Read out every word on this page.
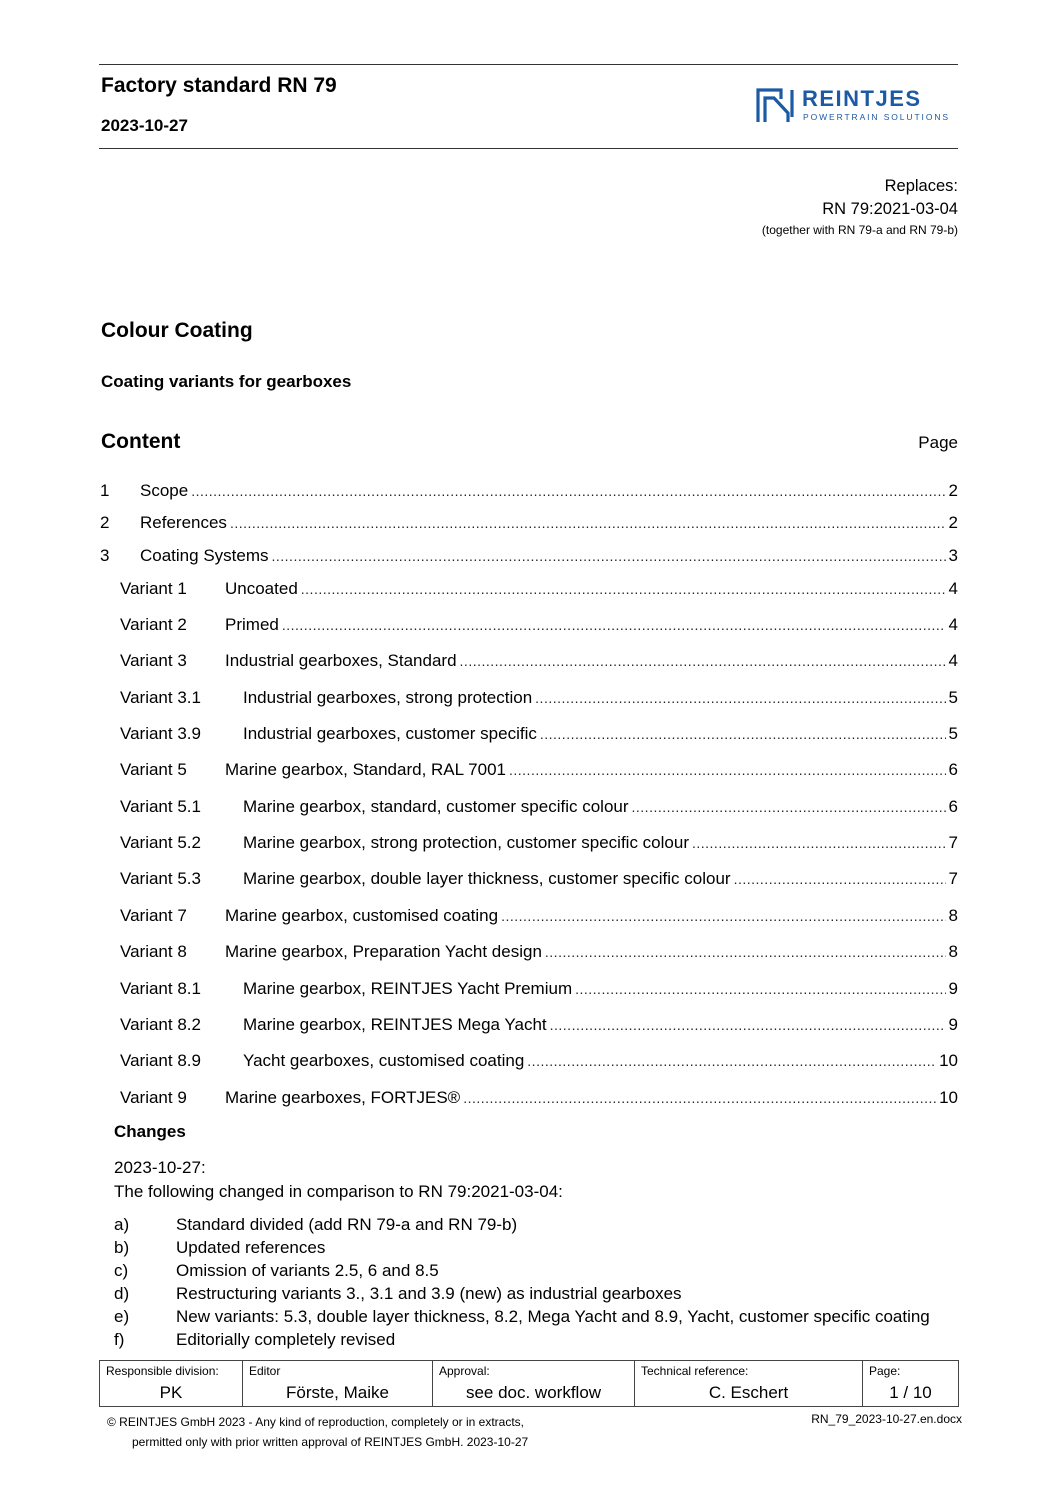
Factory standard RN 79
2023-10-27
REINTJES
POWERTRAIN SOLUTIONS
Replaces:
RN 79:2021-03-04
(together with RN 79-a and RN 79-b)
Colour Coating
Coating variants for gearboxes
Content	Page
1	Scope .....	2
2	References .....	2
3	Coating Systems .....	3
Variant 1	Uncoated .....	4
Variant 2	Primed .....	4
Variant 3	Industrial gearboxes, Standard .....	4
Variant 3.1	Industrial gearboxes, strong protection .....	5
Variant 3.9	Industrial gearboxes, customer specific .....	5
Variant 5	Marine gearbox, Standard, RAL 7001 .....	6
Variant 5.1	Marine gearbox, standard, customer specific colour .....	6
Variant 5.2	Marine gearbox, strong protection, customer specific colour .....	7
Variant 5.3	Marine gearbox, double layer thickness, customer specific colour .....	7
Variant 7	Marine gearbox, customised coating .....	8
Variant 8	Marine gearbox, Preparation Yacht design .....	8
Variant 8.1	Marine gearbox, REINTJES Yacht Premium .....	9
Variant 8.2	Marine gearbox, REINTJES Mega Yacht .....	9
Variant 8.9	Yacht gearboxes, customised coating .....	10
Variant 9	Marine gearboxes, FORTJES® .....	10
Changes
2023-10-27:
The following changed in comparison to RN 79:2021-03-04:
a)	Standard divided (add RN 79-a and RN 79-b)
b)	Updated references
c)	Omission of variants 2.5, 6 and 8.5
d)	Restructuring variants 3., 3.1 and 3.9 (new) as industrial gearboxes
e)	New variants: 5.3, double layer thickness, 8.2, Mega Yacht and 8.9, Yacht, customer specific coating
f)	Editorially completely revised
Responsible division:
PK
Editor
Förste, Maike
Approval:
see doc. workflow
Technical reference:
C. Eschert
Page:
1 / 10
© REINTJES GmbH 2023 - Any kind of reproduction, completely or in extracts,
permitted only with prior written approval of REINTJES GmbH. 2023-10-27
RN_79_2023-10-27.en.docx
